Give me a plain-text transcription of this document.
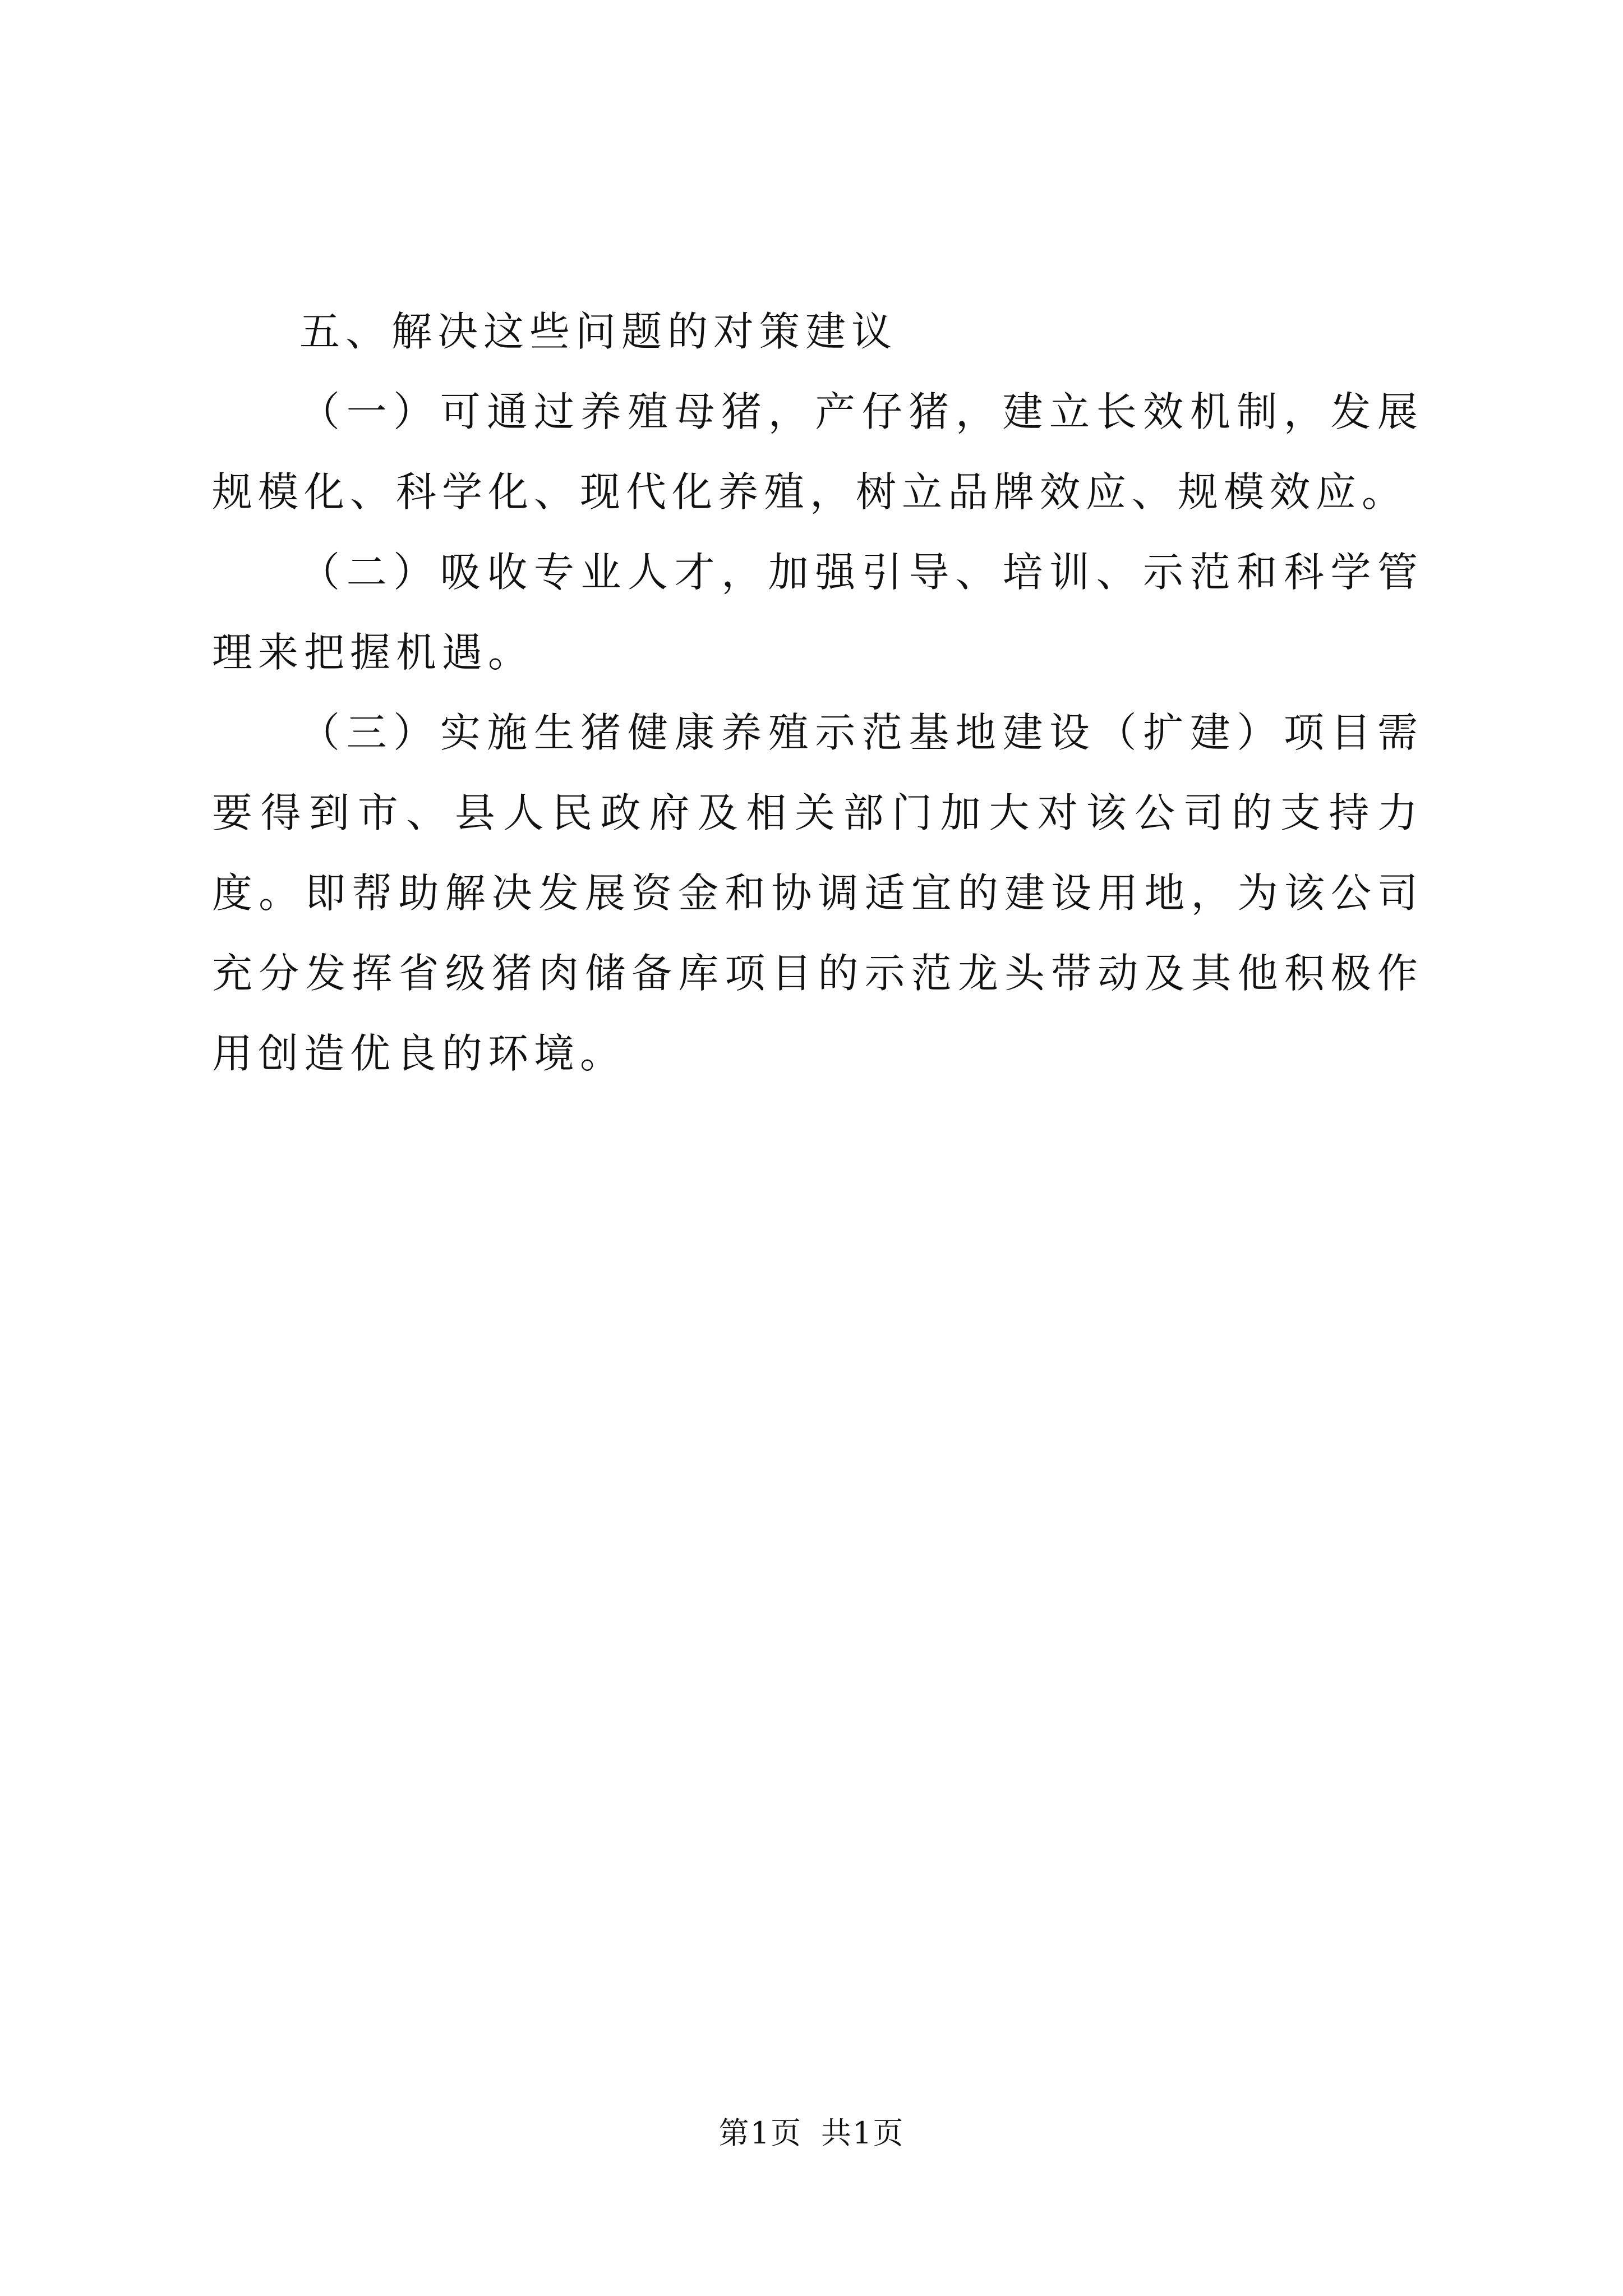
五、解决这些问题的对策建议

（一）可通过养殖母猪，产仔猪，建立长效机制，发展规模化、科学化、现代化养殖，树立品牌效应、规模效应。

（二）吸收专业人才，加强引导、培训、示范和科学管理来把握机遇。

（三）实施生猪健康养殖示范基地建设（扩建）项目需要得到市、县人民政府及相关部门加大对该公司的支持力度。即帮助解决发展资金和协调适宜的建设用地，为该公司充分发挥省级猪肉储备库项目的示范龙头带动及其他积极作用创造优良的环境。

第1页 共1页
